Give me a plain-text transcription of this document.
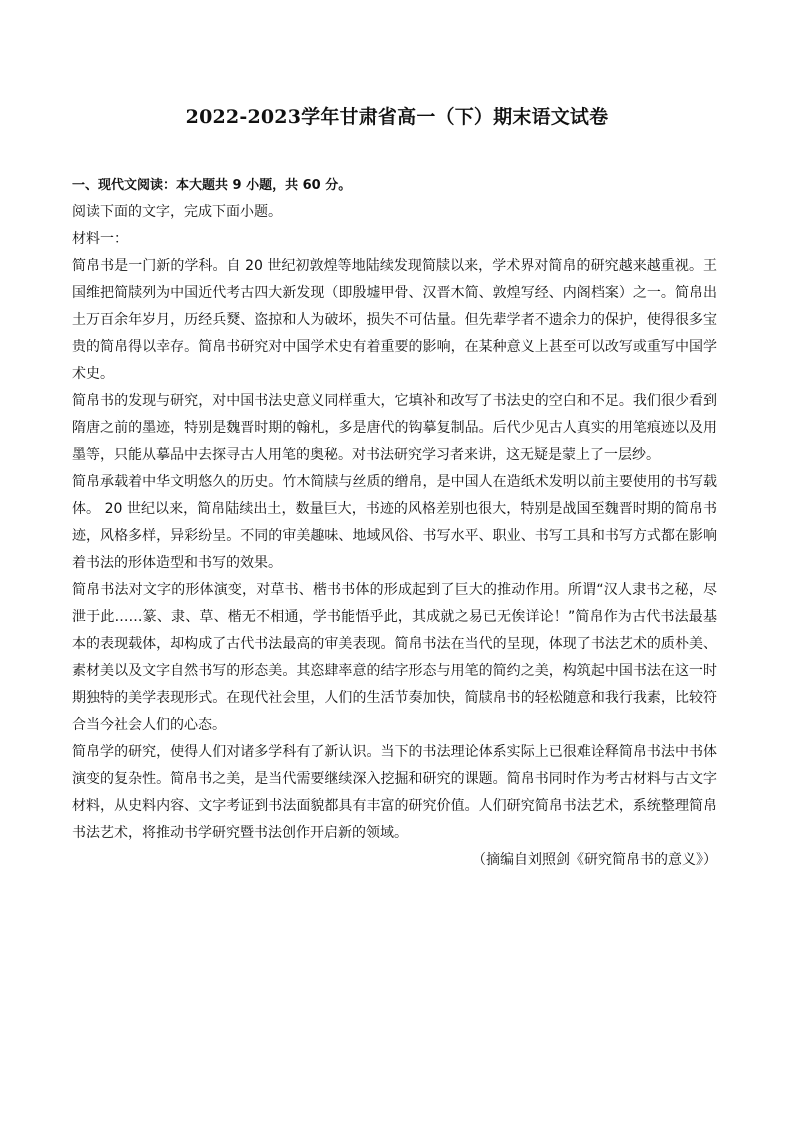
2022-2023学年甘肃省高一（下）期末语文试卷

一、现代文阅读：本大题共 9 小题，共 60 分。

阅读下面的文字，完成下面小题。

材料一：

简帛书是一门新的学科。自 20 世纪初敦煌等地陆续发现简牍以来，学术界对简帛的研究越来越重视。王国维把简牍列为中国近代考古四大新发现（即殷墟甲骨、汉晋木简、敦煌写经、内阁档案）之一。简帛出土万百余年岁月，历经兵燹、盗掠和人为破坏，损失不可估量。但先辈学者不遗余力的保护，使得很多宝贵的简帛得以幸存。简帛书研究对中国学术史有着重要的影响，在某种意义上甚至可以改写或重写中国学术史。

简帛书的发现与研究，对中国书法史意义同样重大，它填补和改写了书法史的空白和不足。我们很少看到隋唐之前的墨迹，特别是魏晋时期的翰札，多是唐代的钩摹复制品。后代少见古人真实的用笔痕迹以及用墨等，只能从摹品中去探寻古人用笔的奥秘。对书法研究学习者来讲，这无疑是蒙上了一层纱。

简帛承载着中华文明悠久的历史。竹木简牍与丝质的缯帛，是中国人在造纸术发明以前主要使用的书写载体。 20 世纪以来，简帛陆续出土，数量巨大，书迹的风格差别也很大，特别是战国至魏晋时期的简帛书迹，风格多样，异彩纷呈。不同的审美趣味、地域风俗、书写水平、职业、书写工具和书写方式都在影响着书法的形体造型和书写的效果。

简帛书法对文字的形体演变，对草书、楷书书体的形成起到了巨大的推动作用。所谓“汉人隶书之秘，尽泄于此……篆、隶、草、楷无不相通，学书能悟乎此，其成就之易已无俟详论！”简帛作为古代书法最基本的表现载体，却构成了古代书法最高的审美表现。简帛书法在当代的呈现，体现了书法艺术的质朴美、素材美以及文字自然书写的形态美。其恣肆率意的结字形态与用笔的简约之美，构筑起中国书法在这一时期独特的美学表现形式。在现代社会里，人们的生活节奏加快，简牍帛书的轻松随意和我行我素，比较符合当今社会人们的心态。

简帛学的研究，使得人们对诸多学科有了新认识。当下的书法理论体系实际上已很难诠释简帛书法中书体演变的复杂性。简帛书之美，是当代需要继续深入挖掘和研究的课题。简帛书同时作为考古材料与古文字材料，从史料内容、文字考证到书法面貌都具有丰富的研究价值。人们研究简帛书法艺术，系统整理简帛书法艺术，将推动书学研究暨书法创作开启新的领域。

（摘编自刘照剑《研究简帛书的意义》）
